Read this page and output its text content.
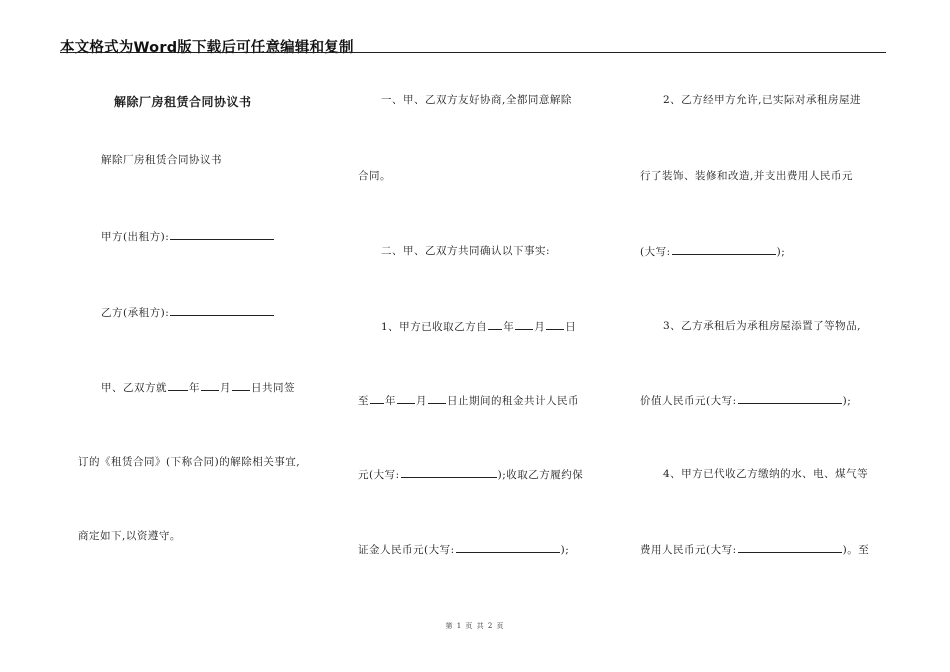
本文格式为Word版下载后可任意编辑和复制
解除厂房租赁合同协议书
解除厂房租赁合同协议书
甲方(出租方):
乙方(承租方):
甲、乙双方就 年 月 日共同签
订的《租赁合同》(下称合同)的解除相关事宜,
商定如下,以资遵守。
一、甲、乙双方友好协商,全都同意解除
合同。
二、甲、乙双方共同确认以下事实:
1、甲方已收取乙方自 年 月 日
至 年 月 日止期间的租金共计人民币
元(大写:	);收取乙方履约保
证金人民币元(大写:	);
2、乙方经甲方允许,已实际对承租房屋进
行了装饰、装修和改造,并支出费用人民币元
(大写:	);
3、乙方承租后为承租房屋添置了等物品,
价值人民币元(大写:	);
4、甲方已代收乙方缴纳的水、电、煤气等
费用人民币元(大写:	)。至
第 1 页 共 2 页
